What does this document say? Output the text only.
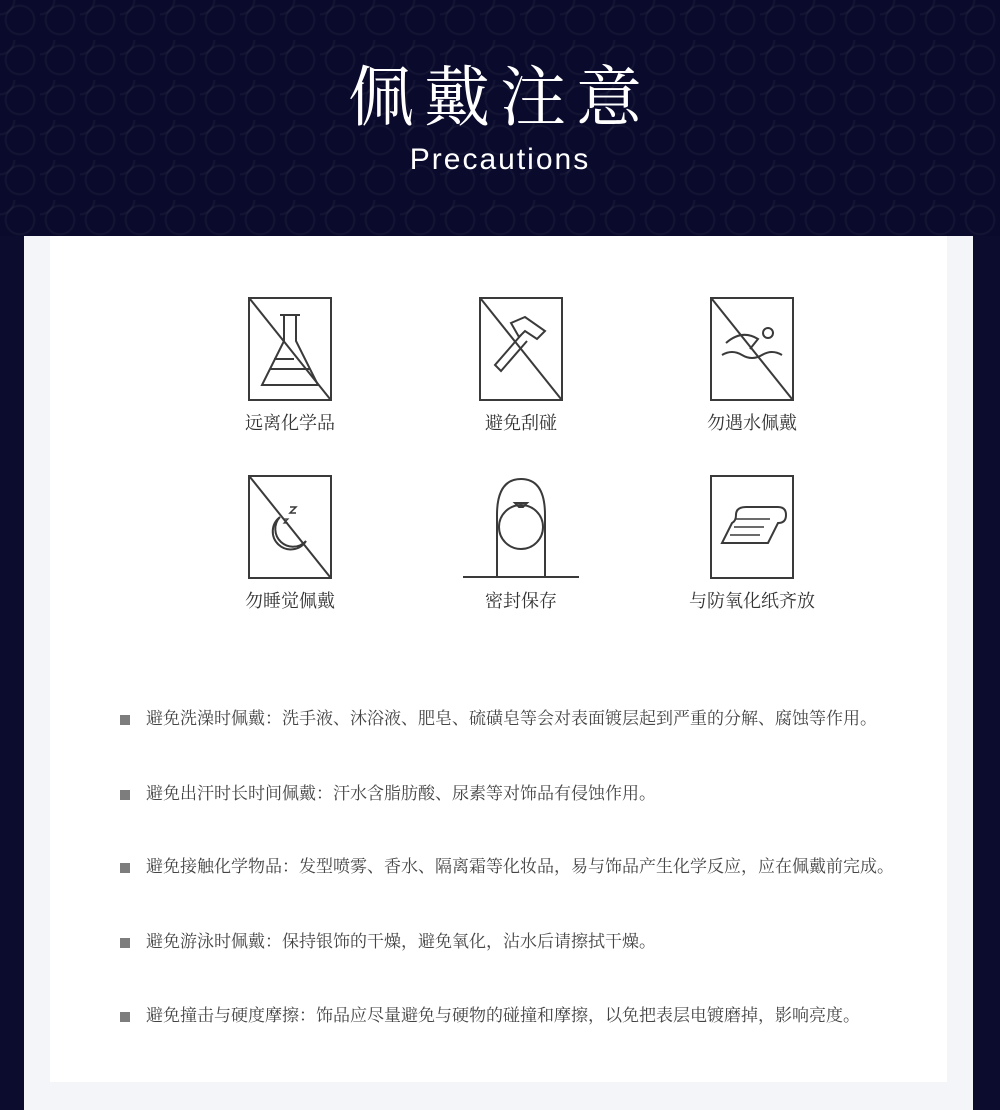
佩戴注意
Precautions
远离化学品	避免刮碰	勿遇水佩戴
勿睡觉佩戴	密封保存	与防氧化纸齐放
避免洗澡时佩戴：洗手液、沐浴液、肥皂、硫磺皂等会对表面镀层起到严重的分解、腐蚀等作用。
避免出汗时长时间佩戴：汗水含脂肪酸、尿素等对饰品有侵蚀作用。
避免接触化学物品：发型喷雾、香水、隔离霜等化妆品，易与饰品产生化学反应，应在佩戴前完成。
避免游泳时佩戴：保持银饰的干燥，避免氧化，沾水后请擦拭干燥。
避免撞击与硬度摩擦：饰品应尽量避免与硬物的碰撞和摩擦，以免把表层电镀磨掉，影响亮度。
